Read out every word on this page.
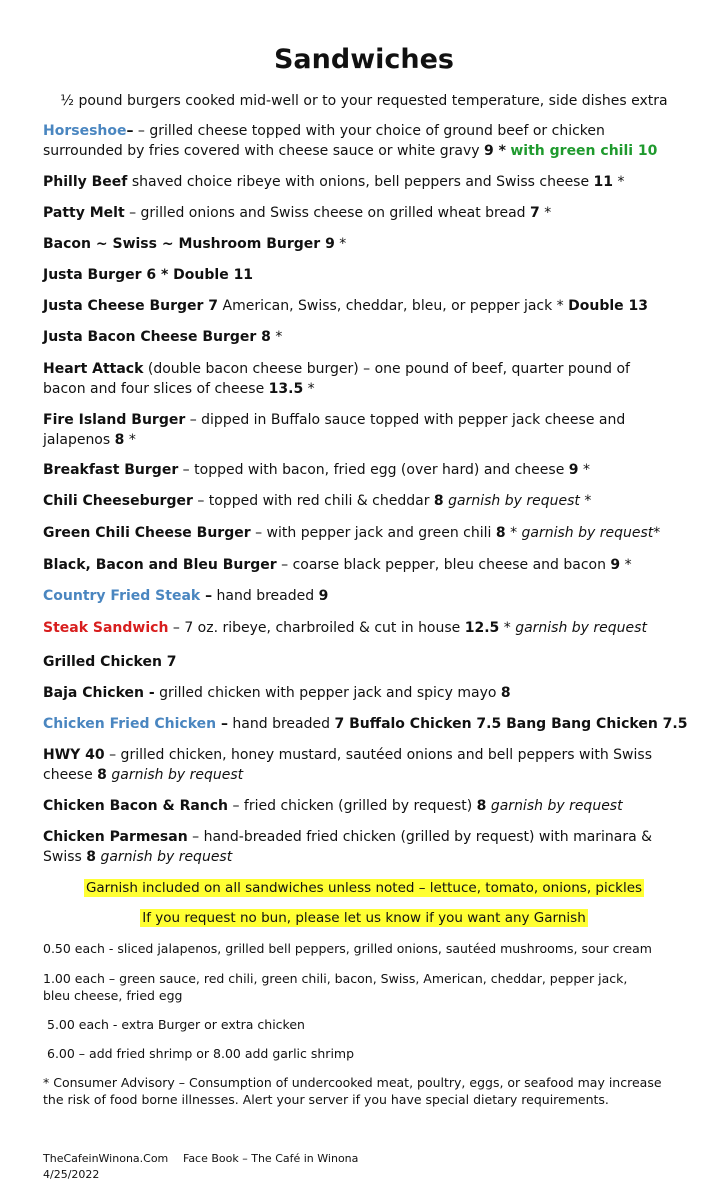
Sandwiches
½ pound burgers cooked mid-well or to your requested temperature, side dishes extra
Horseshoe– – grilled cheese topped with your choice of ground beef or chicken
surrounded by fries covered with cheese sauce or white gravy 9 * with green chili 10
Philly Beef shaved choice ribeye with onions, bell peppers and Swiss cheese 11 *
Patty Melt – grilled onions and Swiss cheese on grilled wheat bread 7 *
Bacon ~ Swiss ~ Mushroom Burger 9 *
Justa Burger 6 * Double 11
Justa Cheese Burger 7 American, Swiss, cheddar, bleu, or pepper jack * Double 13
Justa Bacon Cheese Burger 8 *
Heart Attack (double bacon cheese burger) – one pound of beef, quarter pound of
bacon and four slices of cheese 13.5 *
Fire Island Burger – dipped in Buffalo sauce topped with pepper jack cheese and
jalapenos 8 *
Breakfast Burger – topped with bacon, fried egg (over hard) and cheese 9 *
Chili Cheeseburger – topped with red chili & cheddar 8 garnish by request *
Green Chili Cheese Burger – with pepper jack and green chili 8 * garnish by request*
Black, Bacon and Bleu Burger – coarse black pepper, bleu cheese and bacon 9 *
Country Fried Steak – hand breaded 9
Steak Sandwich – 7 oz. ribeye, charbroiled & cut in house 12.5 * garnish by request
Grilled Chicken 7
Baja Chicken - grilled chicken with pepper jack and spicy mayo 8
Chicken Fried Chicken – hand breaded 7 Buffalo Chicken 7.5 Bang Bang Chicken 7.5
HWY 40 – grilled chicken, honey mustard, sautéed onions and bell peppers with Swiss
cheese 8 garnish by request
Chicken Bacon & Ranch – fried chicken (grilled by request) 8 garnish by request
Chicken Parmesan – hand-breaded fried chicken (grilled by request) with marinara &
Swiss 8 garnish by request
Garnish included on all sandwiches unless noted – lettuce, tomato, onions, pickles
If you request no bun, please let us know if you want any Garnish
0.50 each - sliced jalapenos, grilled bell peppers, grilled onions, sautéed mushrooms, sour cream
1.00 each – green sauce, red chili, green chili, bacon, Swiss, American, cheddar, pepper jack,
bleu cheese, fried egg
5.00 each - extra Burger or extra chicken
6.00 – add fried shrimp or 8.00 add garlic shrimp
* Consumer Advisory – Consumption of undercooked meat, poultry, eggs, or seafood may increase
the risk of food borne illnesses. Alert your server if you have special dietary requirements.
TheCafeinWinona.Com Face Book – The Café in Winona
4/25/2022
